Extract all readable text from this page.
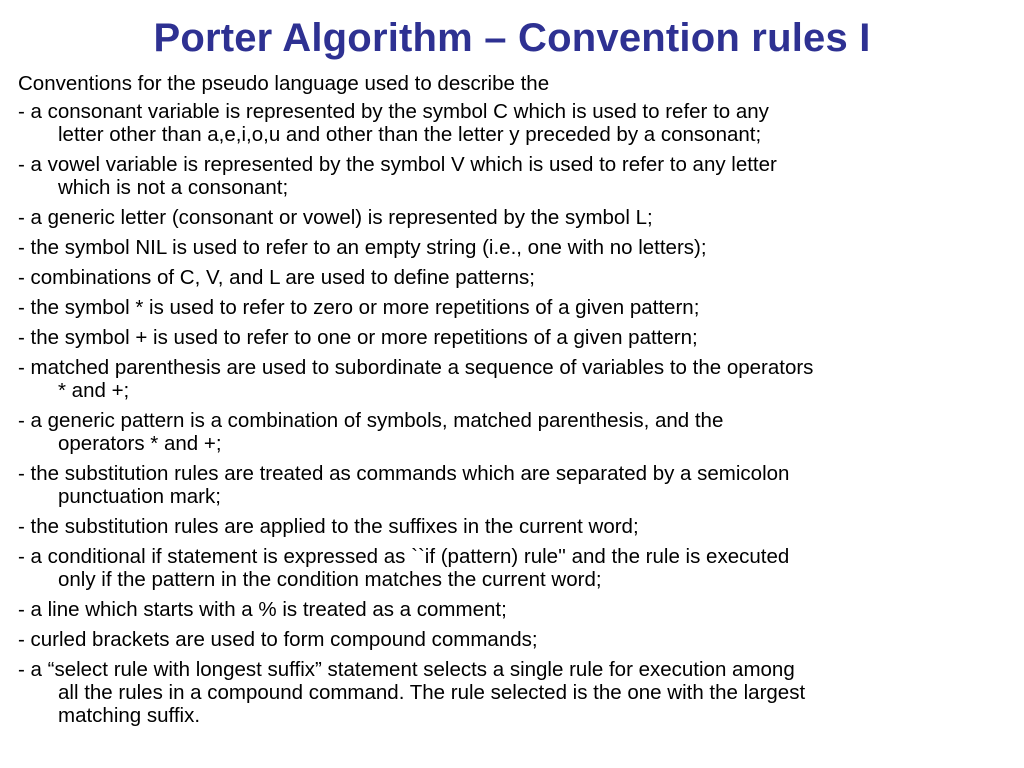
Porter Algorithm – Convention rules I
Conventions for the pseudo language used to describe the
- a consonant variable is represented by the symbol C which is used to refer to any
letter other than a,e,i,o,u and other than the letter y preceded by a consonant;
- a vowel variable is represented by the symbol V which is used to refer to any letter
which is not a consonant;
- a generic letter (consonant or vowel) is represented by the symbol L;
- the symbol NIL is used to refer to an empty string (i.e., one with no letters);
- combinations of C, V, and L are used to define patterns;
- the symbol * is used to refer to zero or more repetitions of a given pattern;
- the symbol + is used to refer to one or more repetitions of a given pattern;
- matched parenthesis are used to subordinate a sequence of variables to the operators
* and +;
- a generic pattern is a combination of symbols, matched parenthesis, and the
operators * and +;
- the substitution rules are treated as commands which are separated by a semicolon
punctuation mark;
- the substitution rules are applied to the suffixes in the current word;
- a conditional if statement is expressed as ``if (pattern) rule'' and the rule is executed
only if the pattern in the condition matches the current word;
- a line which starts with a % is treated as a comment;
- curled brackets are used to form compound commands;
- a “select rule with longest suffix” statement selects a single rule for execution among
all the rules in a compound command. The rule selected is the one with the largest
matching suffix.
